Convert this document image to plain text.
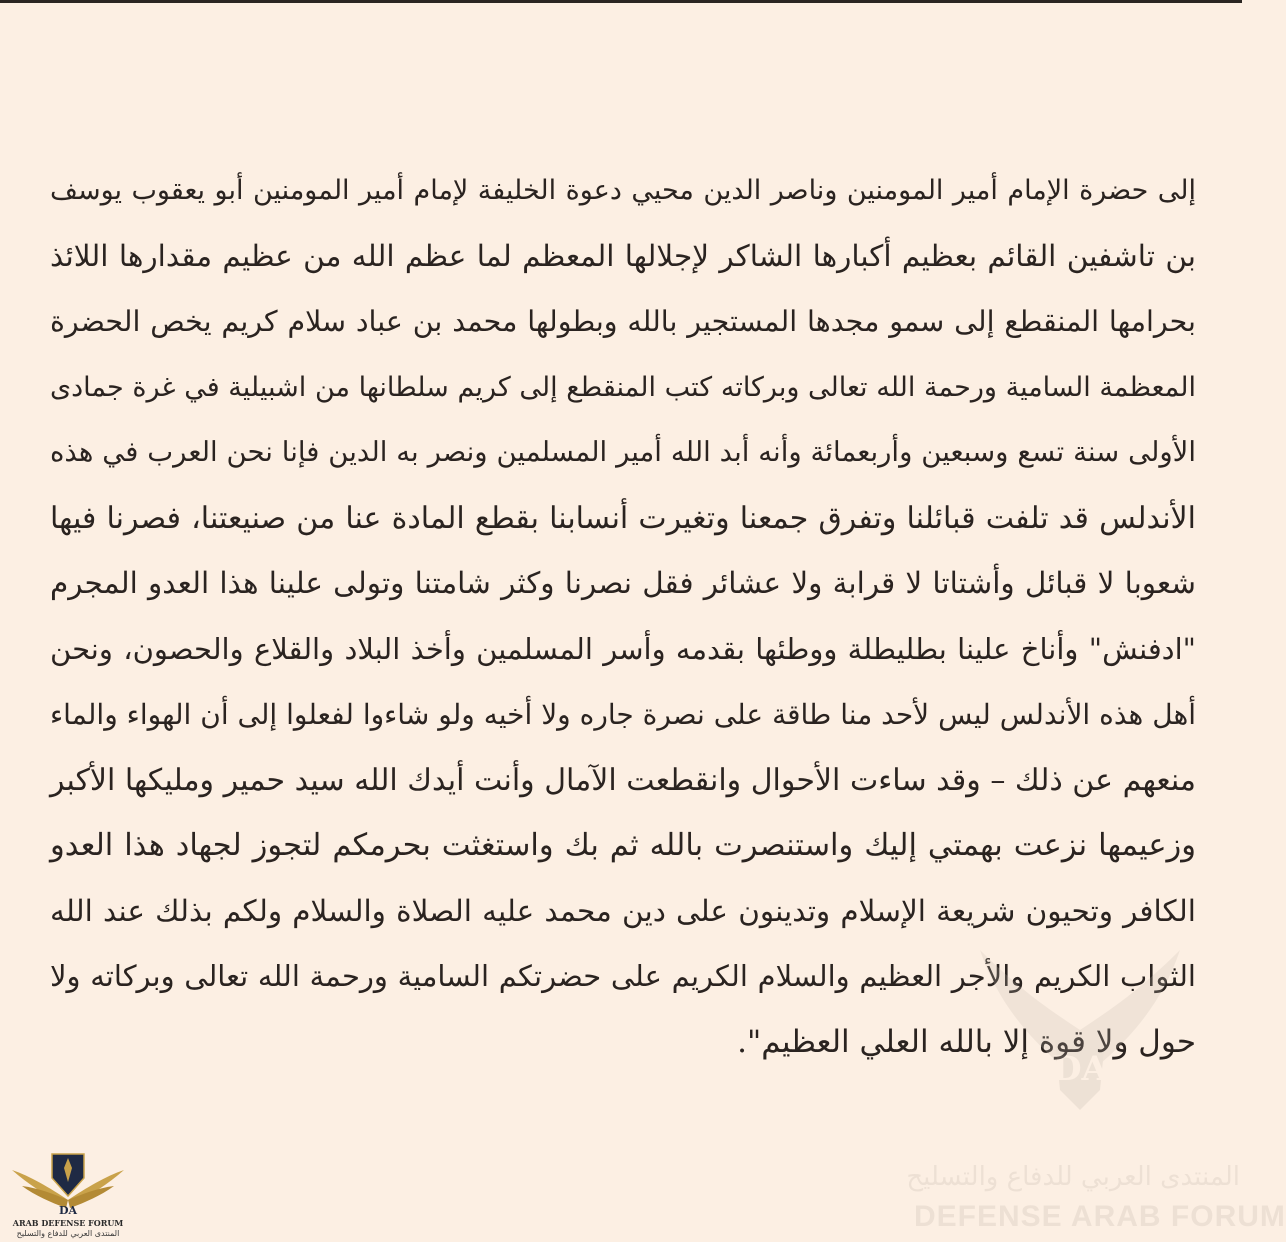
إلى حضرة الإمام أمير المومنين وناصر الدين محيي دعوة الخليفة لإمام أمير المومنين أبو يعقوب يوسف
بن تاشفين القائم بعظيم أكبارها الشاكر لإجلالها المعظم لما عظم الله من عظيم مقدارها اللائذ
بحرامها المنقطع إلى سمو مجدها المستجير بالله وبطولها محمد بن عباد سلام كريم يخص الحضرة
المعظمة السامية ورحمة الله تعالى وبركاته كتب المنقطع إلى كريم سلطانها من اشبيلية في غرة جمادى
الأولى سنة تسع وسبعين وأربعمائة وأنه أبد الله أمير المسلمين ونصر به الدين فإنا نحن العرب في هذه
الأندلس قد تلفت قبائلنا وتفرق جمعنا وتغيرت أنسابنا بقطع المادة عنا من صنيعتنا، فصرنا فيها
شعوبا لا قبائل وأشتاتا لا قرابة ولا عشائر فقل نصرنا وكثر شامتنا وتولى علينا هذا العدو المجرم
"ادفنش" وأناخ علينا بطليطلة ووطئها بقدمه وأسر المسلمين وأخذ البلاد والقلاع والحصون، ونحن
أهل هذه الأندلس ليس لأحد منا طاقة على نصرة جاره ولا أخيه ولو شاءوا لفعلوا إلى أن الهواء والماء
منعهم عن ذلك – وقد ساءت الأحوال وانقطعت الآمال وأنت أيدك الله سيد حمير ومليكها الأكبر
وزعيمها نزعت بهمتي إليك واستنصرت بالله ثم بك واستغثت بحرمكم لتجوز لجهاد هذا العدو
الكافر وتحيون شريعة الإسلام وتدينون على دين محمد عليه الصلاة والسلام ولكم بذلك عند الله
الثواب الكريم والأجر العظيم والسلام الكريم على حضرتكم السامية ورحمة الله تعالى وبركاته ولا
حول ولا قوة إلا بالله العلي العظيم".
DA
المنتدى العربي للدفاع والتسليح
DEFENSE ARAB FORUM
DA
ARAB DEFENSE FORUM
المنتدى العربي للدفاع والتسليح
